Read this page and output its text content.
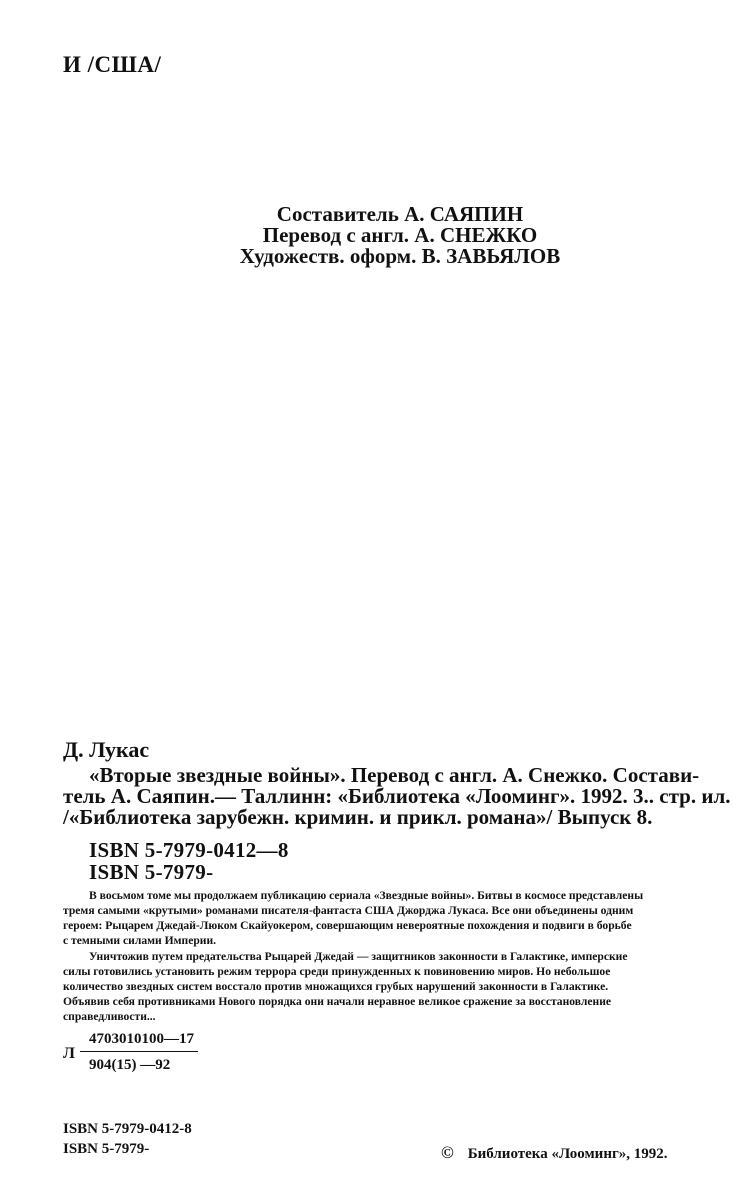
И /США/
Составитель А. САЯПИН
Перевод с англ. А. СНЕЖКО
Художеств. оформ. В. ЗАВЬЯЛОВ
Д. Лукас
«Вторые звездные войны». Перевод с англ. А. Снежко. Состави-
тель А. Саяпин.— Таллинн: «Библиотека «Лооминг». 1992. 3.. стр. ил.
/«Библиотека зарубежн. кримин. и прикл. романа»/ Выпуск 8.
ISBN 5-7979-0412—8
ISBN 5-7979-
В восьмом томе мы продолжаем публикацию сериала «Звездные войны». Битвы в космосе представлены
тремя самыми «крутыми» романами писателя-фантаста США Джорджа Лукаса. Все они объединены одним
героем: Рыцарем Джедай-Люком Скайуокером, совершающим невероятные похождения и подвиги в борьбе
с темными силами Империи.
Уничтожив путем предательства Рыцарей Джедай — защитников законности в Галактике, имперские
силы готовились установить режим террора среди принужденных к повиновению миров. Но небольшое
количество звездных систем восстало против множащихся грубых нарушений законности в Галактике.
Объявив себя противниками Нового порядка они начали неравное великое сражение за восстановление
справедливости...
Л
4703010100—17
904(15) —92
ISBN 5-7979-0412-8
ISBN 5-7979-	© Библиотека «Лооминг», 1992.
